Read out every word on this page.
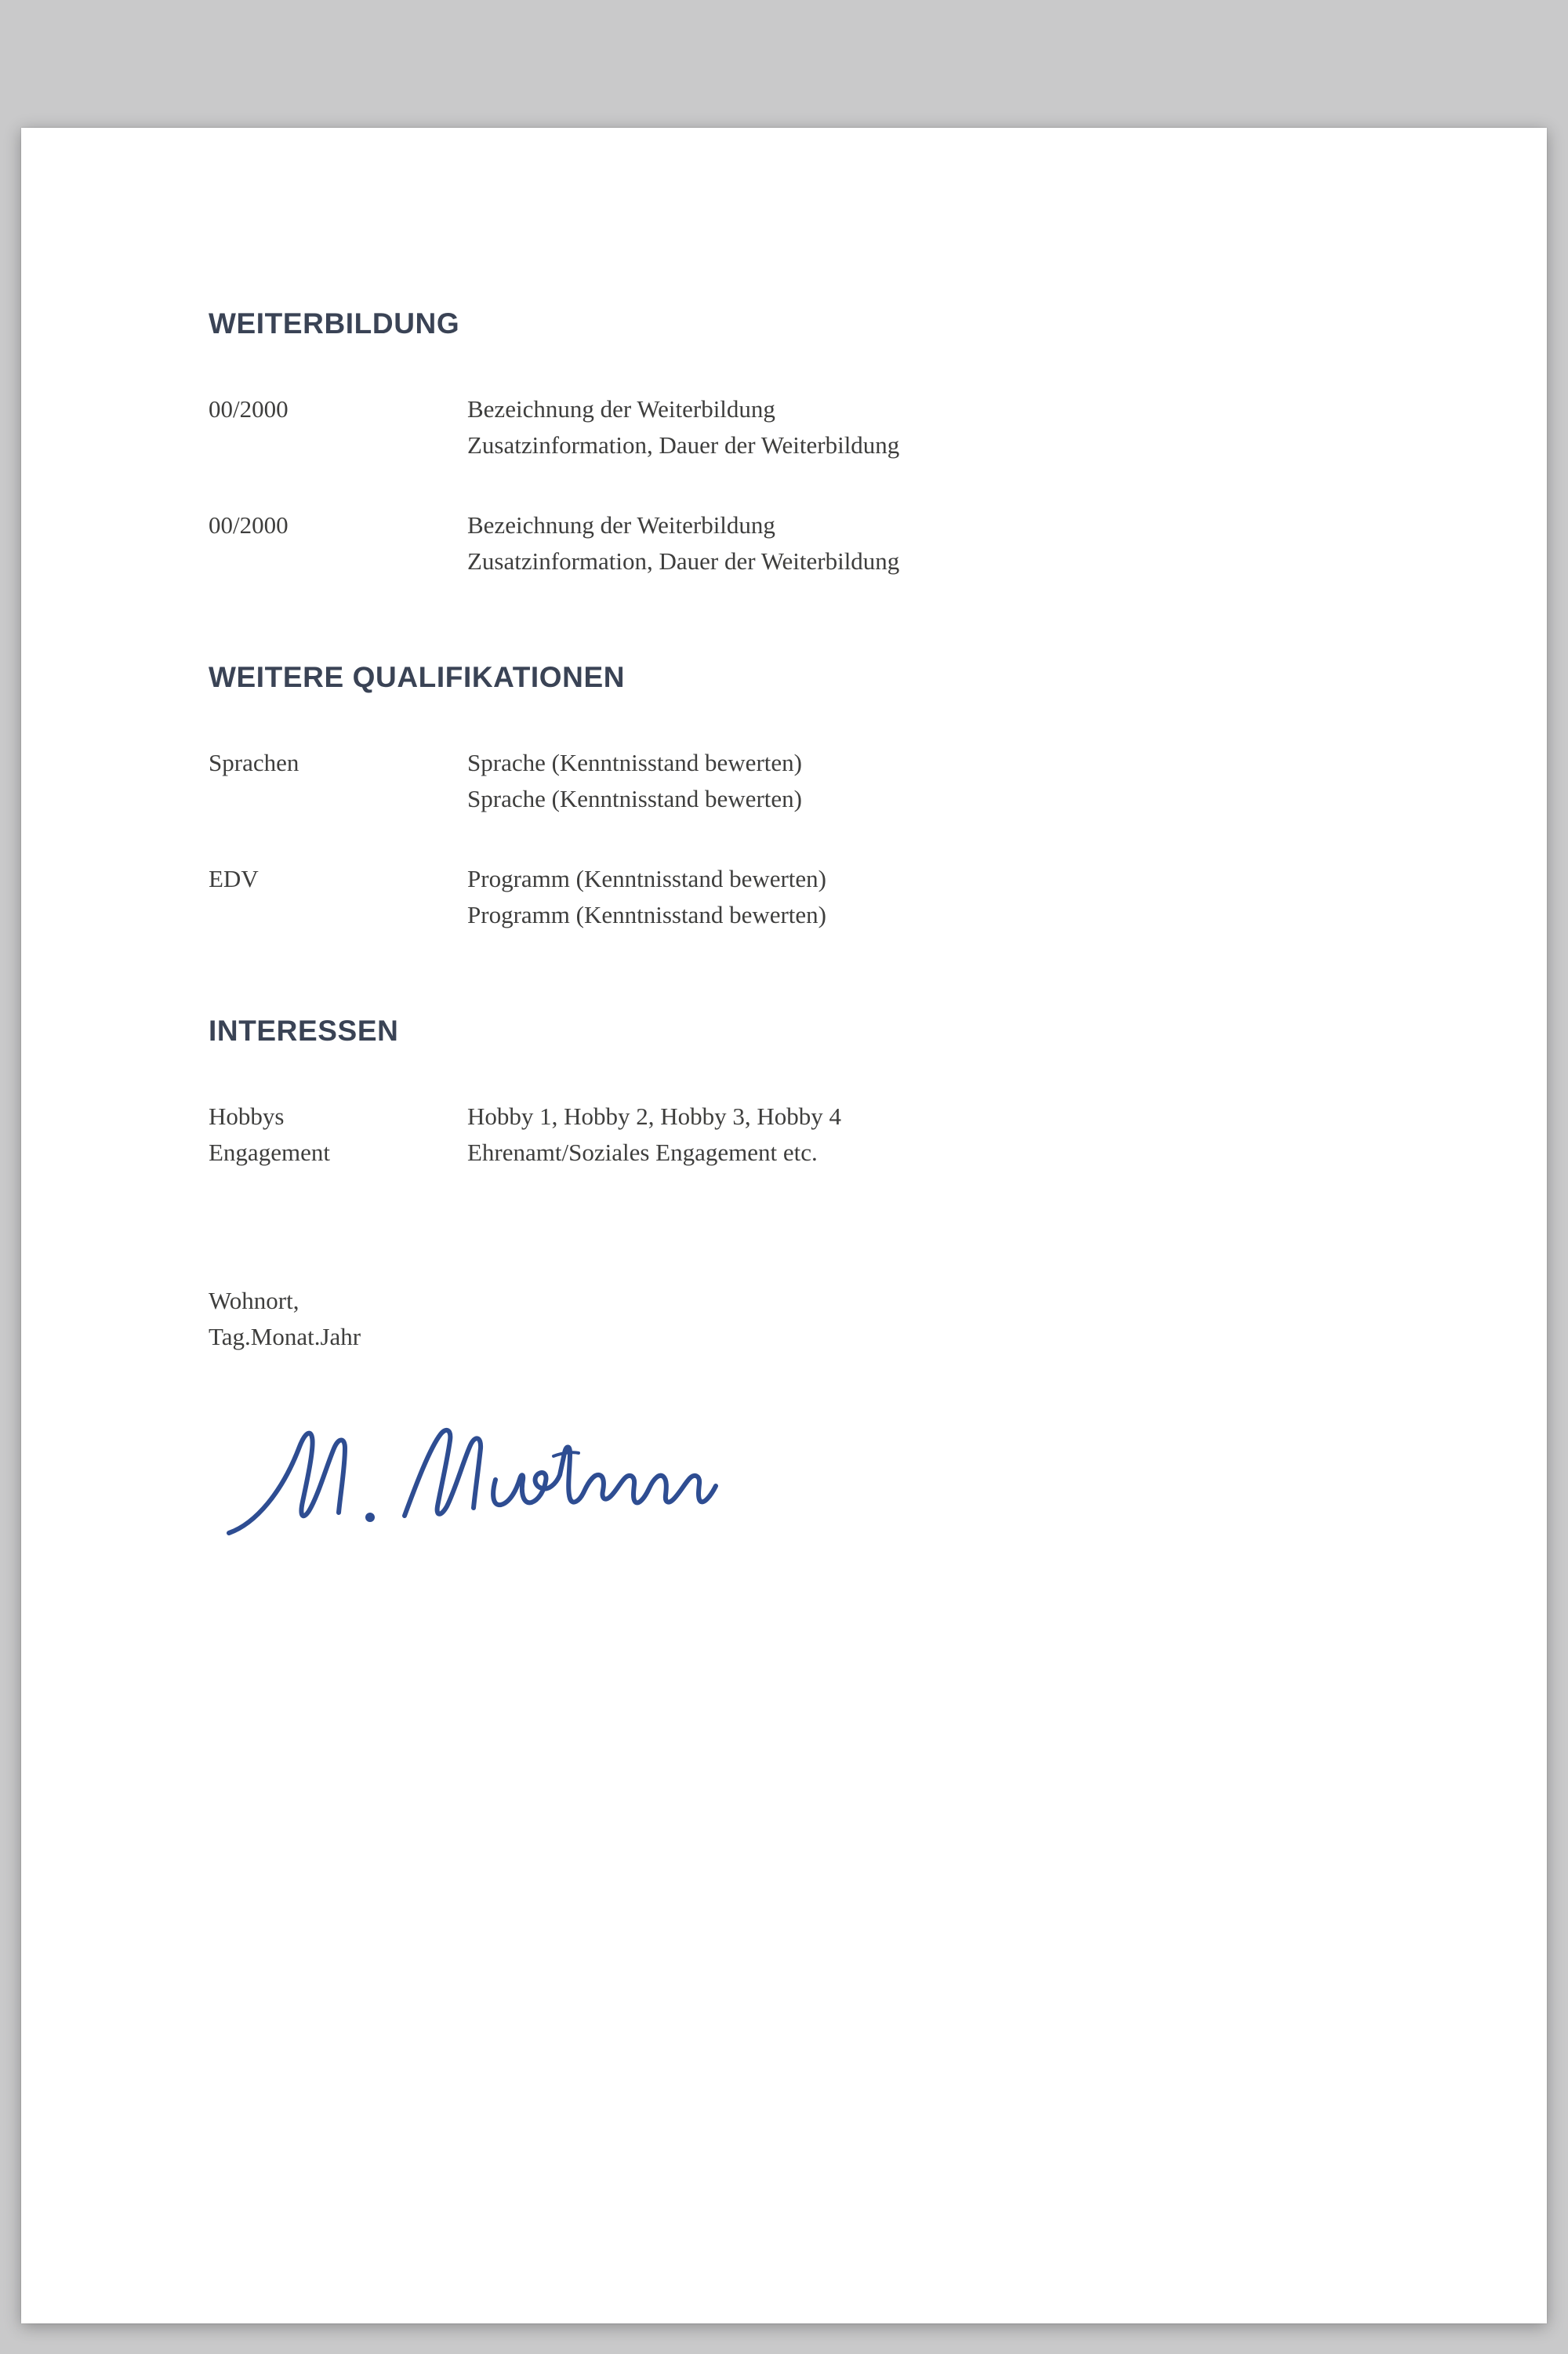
WEITERBILDUNG
00/2000	Bezeichnung der Weiterbildung
Zusatzinformation, Dauer der Weiterbildung
00/2000	Bezeichnung der Weiterbildung
Zusatzinformation, Dauer der Weiterbildung
WEITERE QUALIFIKATIONEN
Sprachen	Sprache (Kenntnisstand bewerten)
Sprache (Kenntnisstand bewerten)
EDV	Programm (Kenntnisstand bewerten)
Programm (Kenntnisstand bewerten)
INTERESSEN
Hobbys	Hobby 1, Hobby 2, Hobby 3, Hobby 4
Engagement	Ehrenamt/Soziales Engagement etc.
Wohnort,
Tag.Monat.Jahr
